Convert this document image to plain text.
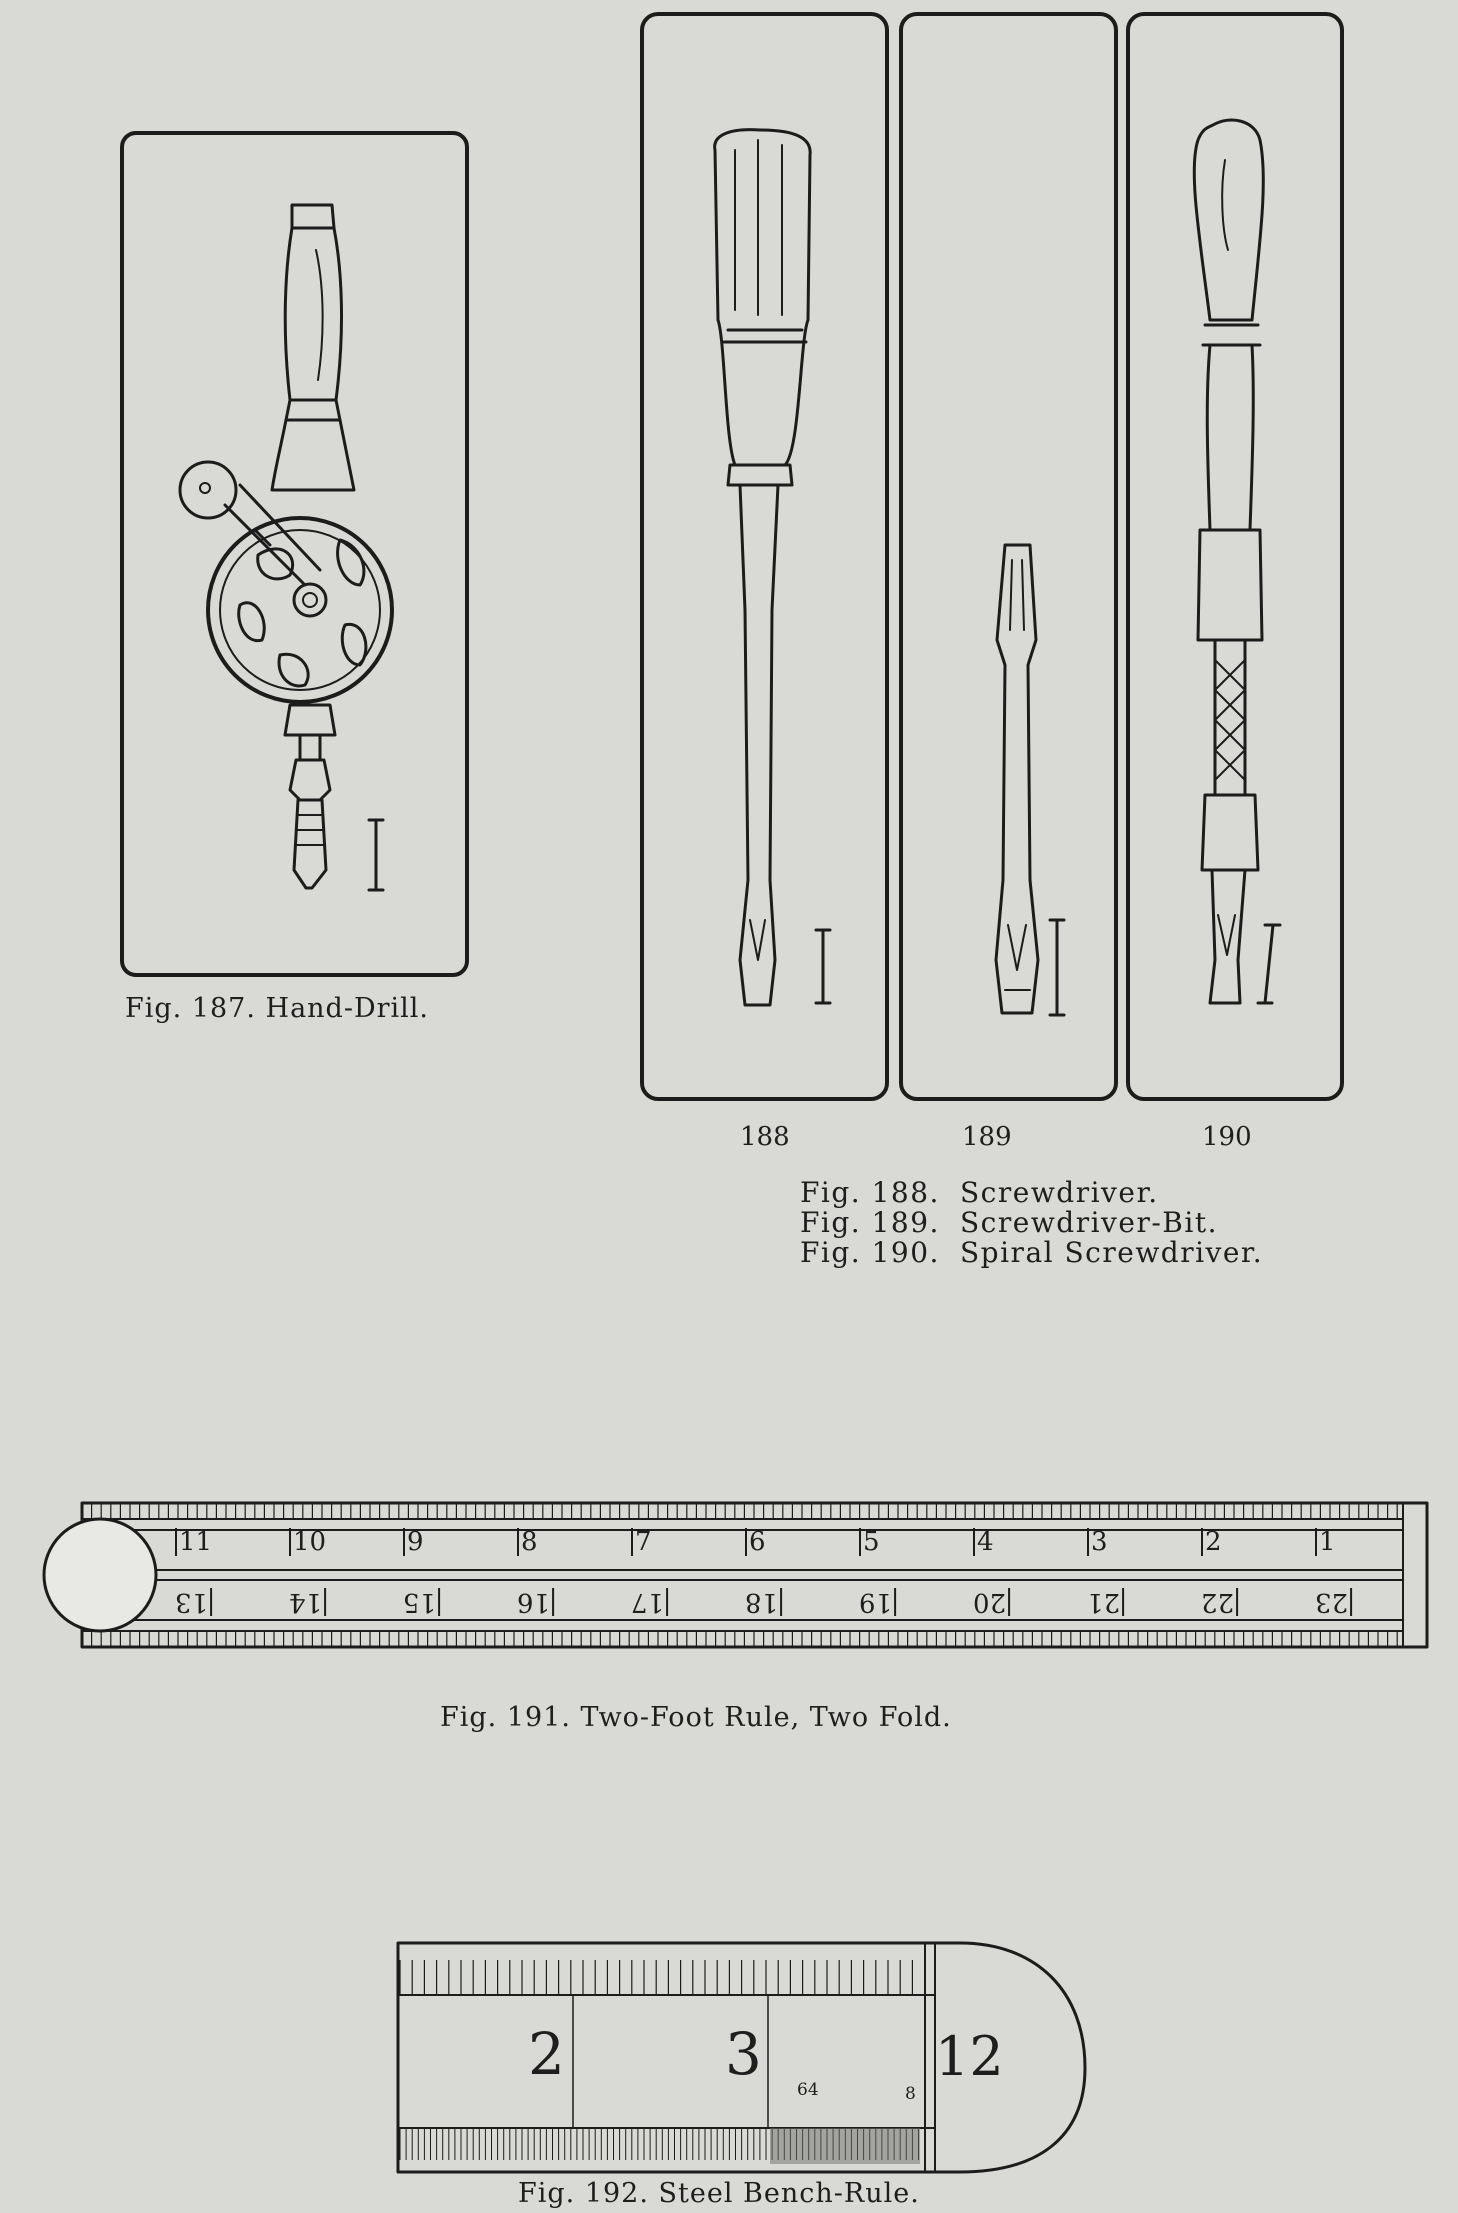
11	10	9	8	7	6	5	4	3	2	1
13	14	15	16	17	18	19	20	21	22	23
2	3	12
64	8
Fig. 187. Hand-Drill.
188	189	190
Fig. 188. Screwdriver.
Fig. 189. Screwdriver-Bit.
Fig. 190. Spiral Screwdriver.
Fig. 191. Two-Foot Rule, Two Fold.
Fig. 192. Steel Bench-Rule.
